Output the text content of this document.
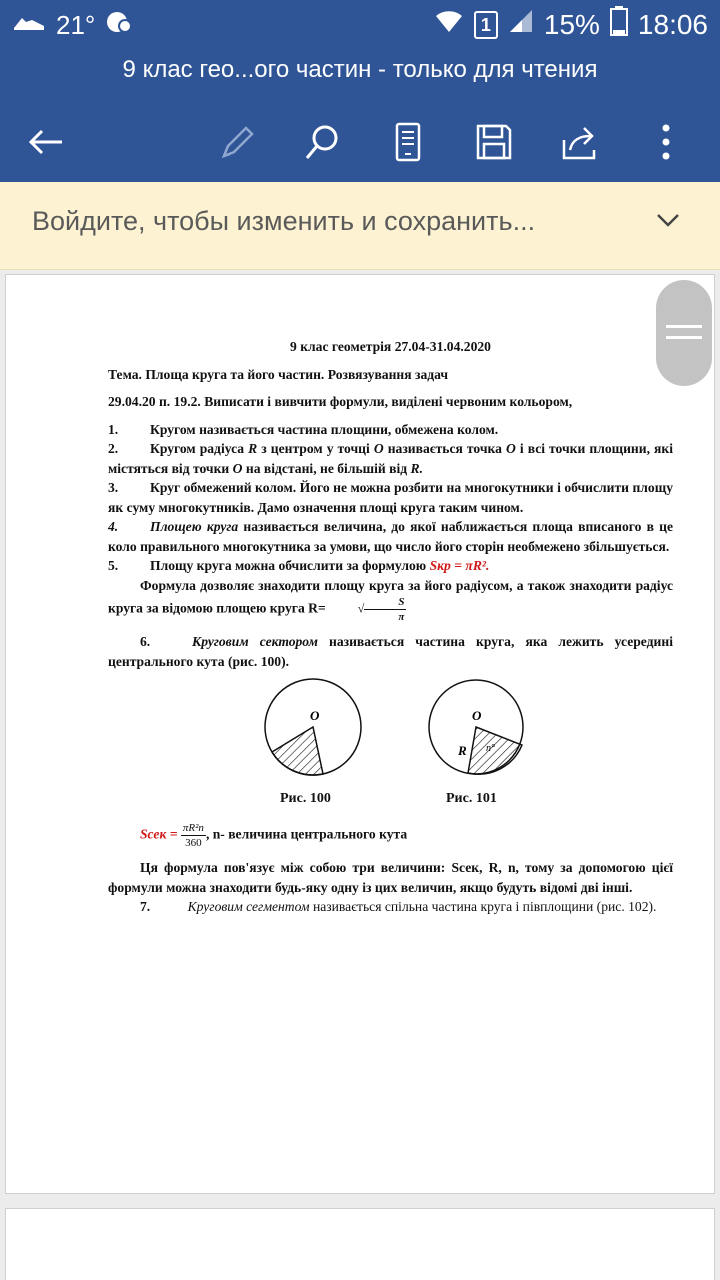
21°	1 15% 18:06
9 клас гео...ого частин - только для чтения
Войдите, чтобы изменить и сохранить...

9 клас геометрія 27.04-31.04.2020

Тема. Площа круга та його частин. Розвязування задач

29.04.20 п. 19.2. Виписати і вивчити формули, виділені червоним кольором,

1. Кругом називається частина площини, обмежена колом.

2. Кругом радіуса R з центром у точці O називається точка O і всі точки площини, які містяться від точки O на відстані, не більшій від R.

3. Круг обмежений колом. Його не можна розбити на многокутники і обчислити площу як суму многокутників. Дамо означення площі круга таким чином.

4. Площею круга називається величина, до якої наближається площа вписаного в це коло правильного многокутника за умови, що число його сторін необмежено збільшується.

5. Площу круга можна обчислити за формулою Sкр = πR².

Формула дозволяє знаходити площу круга за його радіусом, а також знаходити радіус круга за відомою площею круга R=	√ $\frac{S}{\pi}$

6.	Круговим сектором називається частина круга, яка лежить усередині центрального кута (рис. 100).

O
Рис. 100
O
R n°
Рис. 101

Sсек = $\frac{\text{πR²n}}{360}$ , n- величина центрального кута

Ця формула пов'язує між собою три величини: Sсек, R, n, тому за допомогою цієї формули можна знаходити будь-яку одну із цих величин, якщо будуть відомі дві інші.

7.	Круговим сегментом називається спільна частина круга і півплощини (рис. 102).
